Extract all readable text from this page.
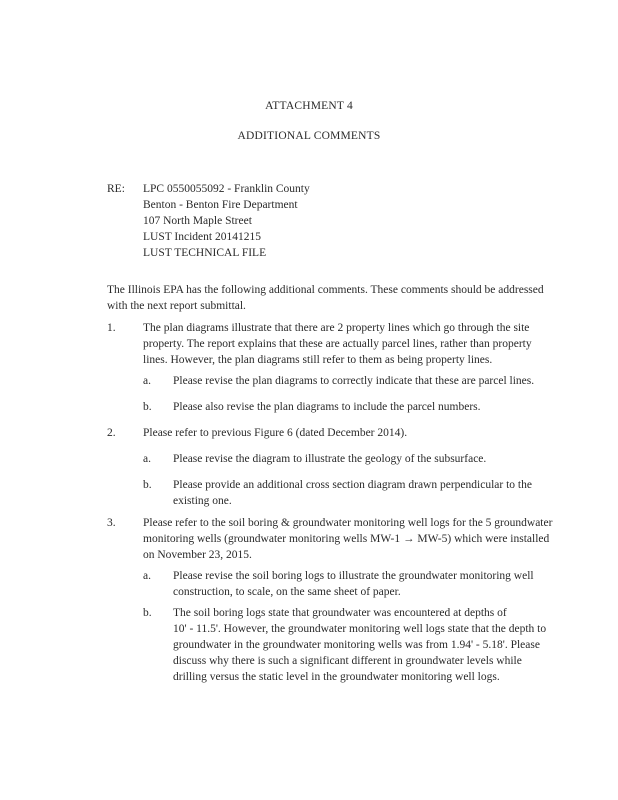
ATTACHMENT 4
ADDITIONAL COMMENTS
RE: LPC 0550055092 - Franklin County
Benton - Benton Fire Department
107 North Maple Street
LUST Incident 20141215
LUST TECHNICAL FILE
The Illinois EPA has the following additional comments. These comments should be addressed
with the next report submittal.
1. The plan diagrams illustrate that there are 2 property lines which go through the site
property. The report explains that these are actually parcel lines, rather than property
lines. However, the plan diagrams still refer to them as being property lines.
a. Please revise the plan diagrams to correctly indicate that these are parcel lines.
b. Please also revise the plan diagrams to include the parcel numbers.
2. Please refer to previous Figure 6 (dated December 2014).
a. Please revise the diagram to illustrate the geology of the subsurface.
b. Please provide an additional cross section diagram drawn perpendicular to the
existing one.
3. Please refer to the soil boring & groundwater monitoring well logs for the 5 groundwater
monitoring wells (groundwater monitoring wells MW-1 → MW-5) which were installed
on November 23, 2015.
a. Please revise the soil boring logs to illustrate the groundwater monitoring well
construction, to scale, on the same sheet of paper.
b. The soil boring logs state that groundwater was encountered at depths of
10' - 11.5'. However, the groundwater monitoring well logs state that the depth to
groundwater in the groundwater monitoring wells was from 1.94' - 5.18'. Please
discuss why there is such a significant different in groundwater levels while
drilling versus the static level in the groundwater monitoring well logs.
